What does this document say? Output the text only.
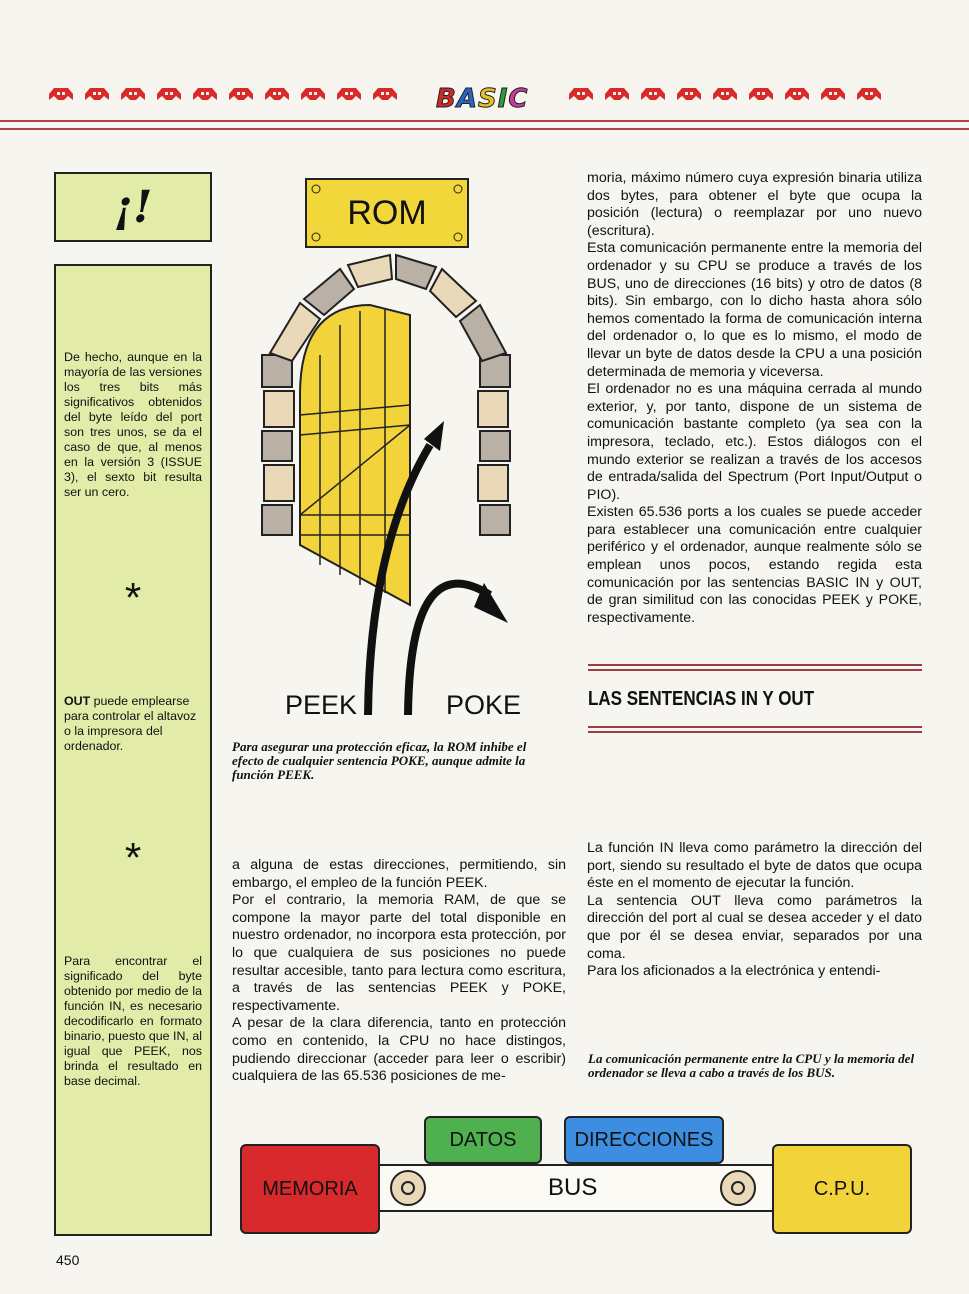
BASIC
¡!
De hecho, aunque en la mayoría de las versiones los tres bits más significativos obtenidos del byte leído del port son tres unos, se da el caso de que, al menos en la versión 3 (ISSUE 3), el sexto bit resulta ser un cero.
*
OUT puede emplearse para controlar el altavoz o la impresora del ordenador.
*
Para encontrar el significado del byte obtenido por medio de la función IN, es necesario decodificarlo en formato binario, puesto que IN, al igual que PEEK, nos brinda el resultado en base decimal.
450
ROM
PEEK	POKE
Para asegurar una protección eficaz, la ROM inhibe el efecto de cualquier sentencia POKE, aunque admite la función PEEK.

a alguna de estas direcciones, permitiendo, sin embargo, el empleo de la función PEEK.

Por el contrario, la memoria RAM, de que se compone la mayor parte del total disponible en nuestro ordenador, no incorpora esta protección, por lo que cualquiera de sus posiciones no puede resultar accesible, tanto para lectura como escritura, a través de las sentencias PEEK y POKE, respectivamente.

A pesar de la clara diferencia, tanto en protección como en contenido, la CPU no hace distingos, pudiendo direccionar (acceder para leer o escribir) cualquiera de las 65.536 posiciones de me-

moria, máximo número cuya expresión binaria utiliza dos bytes, para obtener el byte que ocupa la posición (lectura) o reemplazar por uno nuevo (escritura).

Esta comunicación permanente entre la memoria del ordenador y su CPU se produce a través de los BUS, uno de direcciones (16 bits) y otro de datos (8 bits). Sin embargo, con lo dicho hasta ahora sólo hemos comentado la forma de comunicación interna del ordenador o, lo que es lo mismo, el modo de llevar un byte de datos desde la CPU a una posición determinada de memoria y viceversa.

El ordenador no es una máquina cerrada al mundo exterior, y, por tanto, dispone de un sistema de comunicación bastante completo (ya sea con la impresora, teclado, etc.). Estos diálogos con el mundo exterior se realizan a través de los accesos de entrada/salida del Spectrum (Port Input/Output o PIO).

Existen 65.536 ports a los cuales se puede acceder para establecer una comunicación entre cualquier periférico y el ordenador, aunque realmente sólo se emplean unos pocos, estando regida esta comunicación por las sentencias BASIC IN y OUT, de gran similitud con las conocidas PEEK y POKE, respectivamente.

LAS SENTENCIAS IN Y OUT

La función IN lleva como parámetro la dirección del port, siendo su resultado el byte de datos que ocupa éste en el momento de ejecutar la función.

La sentencia OUT lleva como parámetros la dirección del port al cual se desea acceder y el dato que por él se desea enviar, separados por una coma.

Para los aficionados a la electrónica y entendi-

La comunicación permanente entre la CPU y la memoria del ordenador se lleva a cabo a través de los BUS.
MEMORIA
DATOS	DIRECCIONES
BUS	C.P.U.
